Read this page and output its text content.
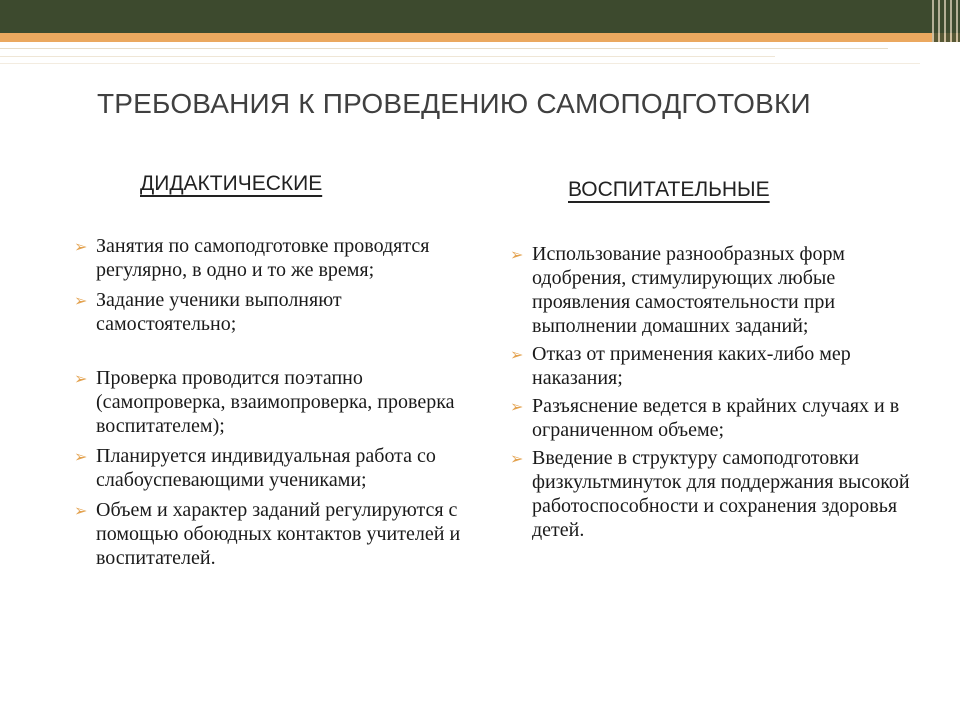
ТРЕБОВАНИЯ К ПРОВЕДЕНИЮ САМОПОДГОТОВКИ
ДИДАКТИЧЕСКИЕ	ВОСПИТАТЕЛЬНЫЕ
➢ Занятия по самоподготовке проводятся регулярно, в одно и то же время;
➢ Задание ученики выполняют самостоятельно;
➢ Проверка проводится поэтапно (самопроверка, взаимопроверка, проверка воспитателем);
➢ Планируется индивидуальная работа со слабоуспевающими учениками;
➢ Объем и характер заданий регулируются с помощью обоюдных контактов учителей и воспитателей.
➢ Использование разнообразных форм одобрения, стимулирующих любые проявления самостоятельности при выполнении домашних заданий;
➢ Отказ от применения каких-либо мер наказания;
➢ Разъяснение ведется в крайних случаях и в ограниченном объеме;
➢ Введение в структуру самоподготовки физкультминуток для поддержания высокой работоспособности и сохранения здоровья детей.
